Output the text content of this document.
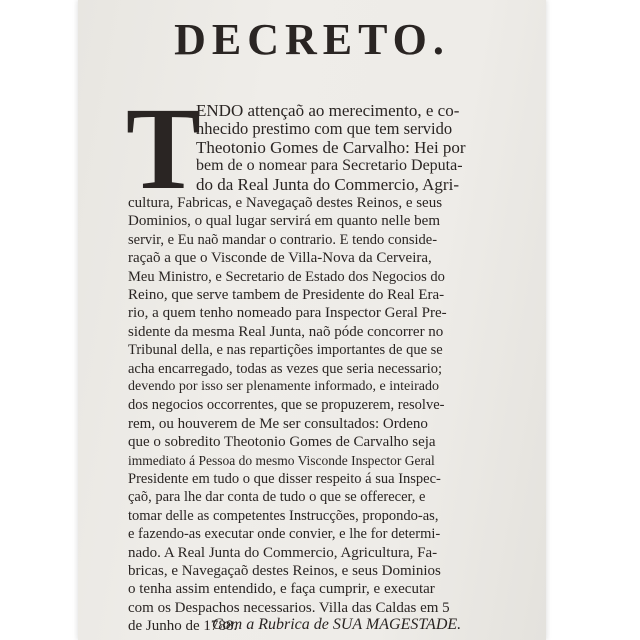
DECRETO.
T
ENDO attençaõ ao merecimento, e co-
nhecido prestimo com que tem servido
Theotonio Gomes de Carvalho: Hei por
bem de o nomear para Secretario Deputa-
do da Real Junta do Commercio, Agri-
cultura, Fabricas, e Navegaçaõ destes Reinos, e seus
Dominios, o qual lugar servirá em quanto nelle bem
servir, e Eu naõ mandar o contrario. E tendo conside-
raçaõ a que o Visconde de Villa-Nova da Cerveira,
Meu Ministro, e Secretario de Estado dos Negocios do
Reino, que serve tambem de Presidente do Real Era-
rio, a quem tenho nomeado para Inspector Geral Pre-
sidente da mesma Real Junta, naõ póde concorrer no
Tribunal della, e nas repartições importantes de que se
acha encarregado, todas as vezes que seria necessario;
devendo por isso ser plenamente informado, e inteirado
dos negocios occorrentes, que se propuzerem, resolve-
rem, ou houverem de Me ser consultados: Ordeno
que o sobredito Theotonio Gomes de Carvalho seja
immediato á Pessoa do mesmo Visconde Inspector Geral
Presidente em tudo o que disser respeito á sua Inspec-
çaõ, para lhe dar conta de tudo o que se offerecer, e
tomar delle as competentes Instrucções, propondo-as,
e fazendo-as executar onde convier, e lhe for determi-
nado. A Real Junta do Commercio, Agricultura, Fa-
bricas, e Navegaçaõ destes Reinos, e seus Dominios
o tenha assim entendido, e faça cumprir, e executar
com os Despachos necessarios. Villa das Caldas em 5
de Junho de 1788.
Com a Rubrica de SUA MAGESTADE.
